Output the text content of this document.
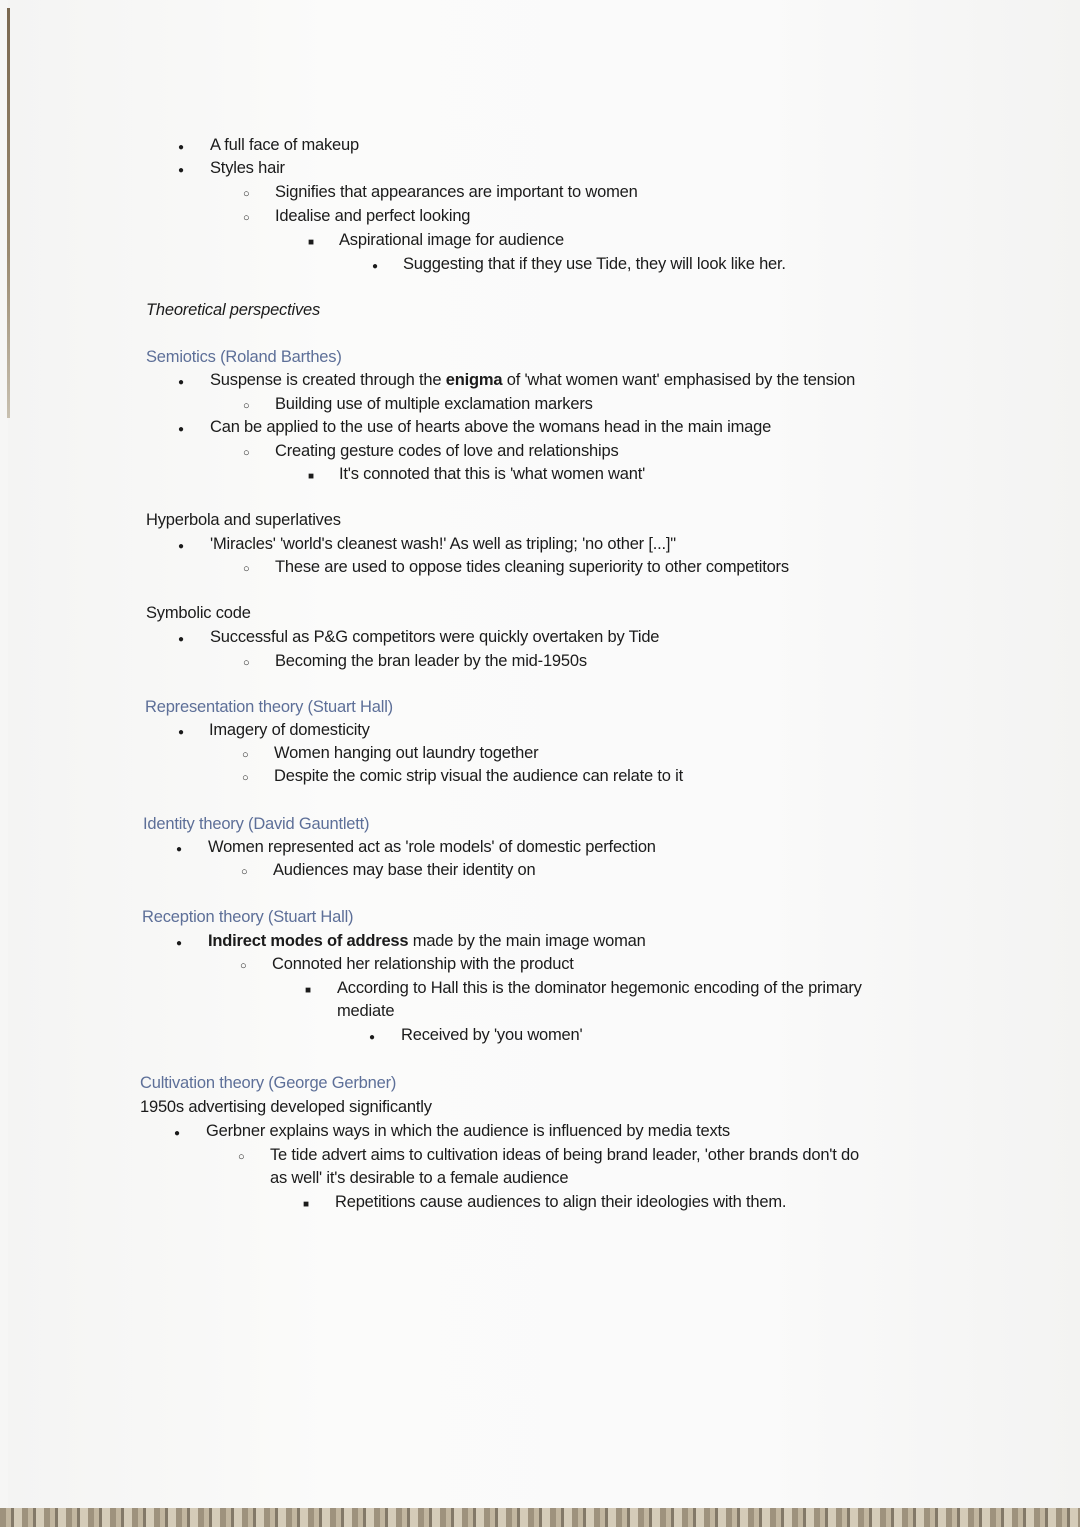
●
A full face of makeup
●
Styles hair
○
Signifies that appearances are important to women
○
Idealise and perfect looking
■
Aspirational image for audience
●
Suggesting that if they use Tide, they will look like her.
Theoretical perspectives
Semiotics (Roland Barthes)
●
Suspense is created through the enigma of 'what women want' emphasised by the tension
○
Building use of multiple exclamation markers
●
Can be applied to the use of hearts above the womans head in the main image
○
Creating gesture codes of love and relationships
■
It's connoted that this is 'what women want'
Hyperbola and superlatives
●
'Miracles' 'world's cleanest wash!' As well as tripling; 'no other [...]"
○
These are used to oppose tides cleaning superiority to other competitors
Symbolic code
●
Successful as P&G competitors were quickly overtaken by Tide
○
Becoming the bran leader by the mid-1950s
Representation theory (Stuart Hall)
●
Imagery of domesticity
○
Women hanging out laundry together
○
Despite the comic strip visual the audience can relate to it
Identity theory (David Gauntlett)
●
Women represented act as 'role models' of domestic perfection
○
Audiences may base their identity on
Reception theory (Stuart Hall)
●
Indirect modes of address made by the main image woman
○
Connoted her relationship with the product
■
According to Hall this is the dominator hegemonic encoding of the primary
mediate
●
Received by 'you women'
Cultivation theory (George Gerbner)
1950s advertising developed significantly
●
Gerbner explains ways in which the audience is influenced by media texts
○
Te tide advert aims to cultivation ideas of being brand leader, 'other brands don't do
as well' it's desirable to a female audience
■
Repetitions cause audiences to align their ideologies with them.
